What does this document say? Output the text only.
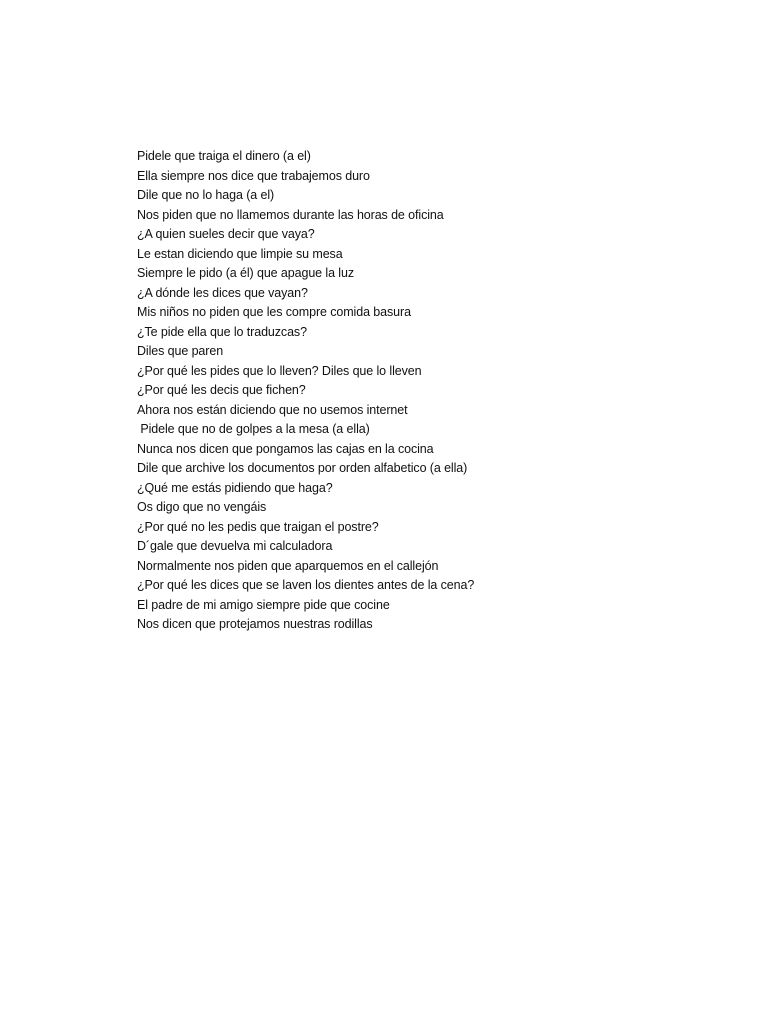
Pidele que traiga el dinero (a el)
Ella siempre nos dice que trabajemos duro
Dile que no lo haga (a el)
Nos piden que no llamemos durante las horas de oficina
¿A quien sueles decir que vaya?
Le estan diciendo que limpie su mesa
Siempre le pido (a él) que apague la luz
¿A dónde les dices que vayan?
Mis niños no piden que les compre comida basura
¿Te pide ella que lo traduzcas?
Diles que paren
¿Por qué les pides que lo lleven? Diles que lo lleven
¿Por qué les decis que fichen?
Ahora nos están diciendo que no usemos internet
Pidele que no de golpes a la mesa (a ella)
Nunca nos dicen que pongamos las cajas en la cocina
Dile que archive los documentos por orden alfabetico (a ella)
¿Qué me estás pidiendo que haga?
Os digo que no vengáis
¿Por qué no les pedis que traigan el postre?
D´gale que devuelva mi calculadora
Normalmente nos piden que aparquemos en el callejón
¿Por qué les dices que se laven los dientes antes de la cena?
El padre de mi amigo siempre pide que cocine
Nos dicen que protejamos nuestras rodillas
